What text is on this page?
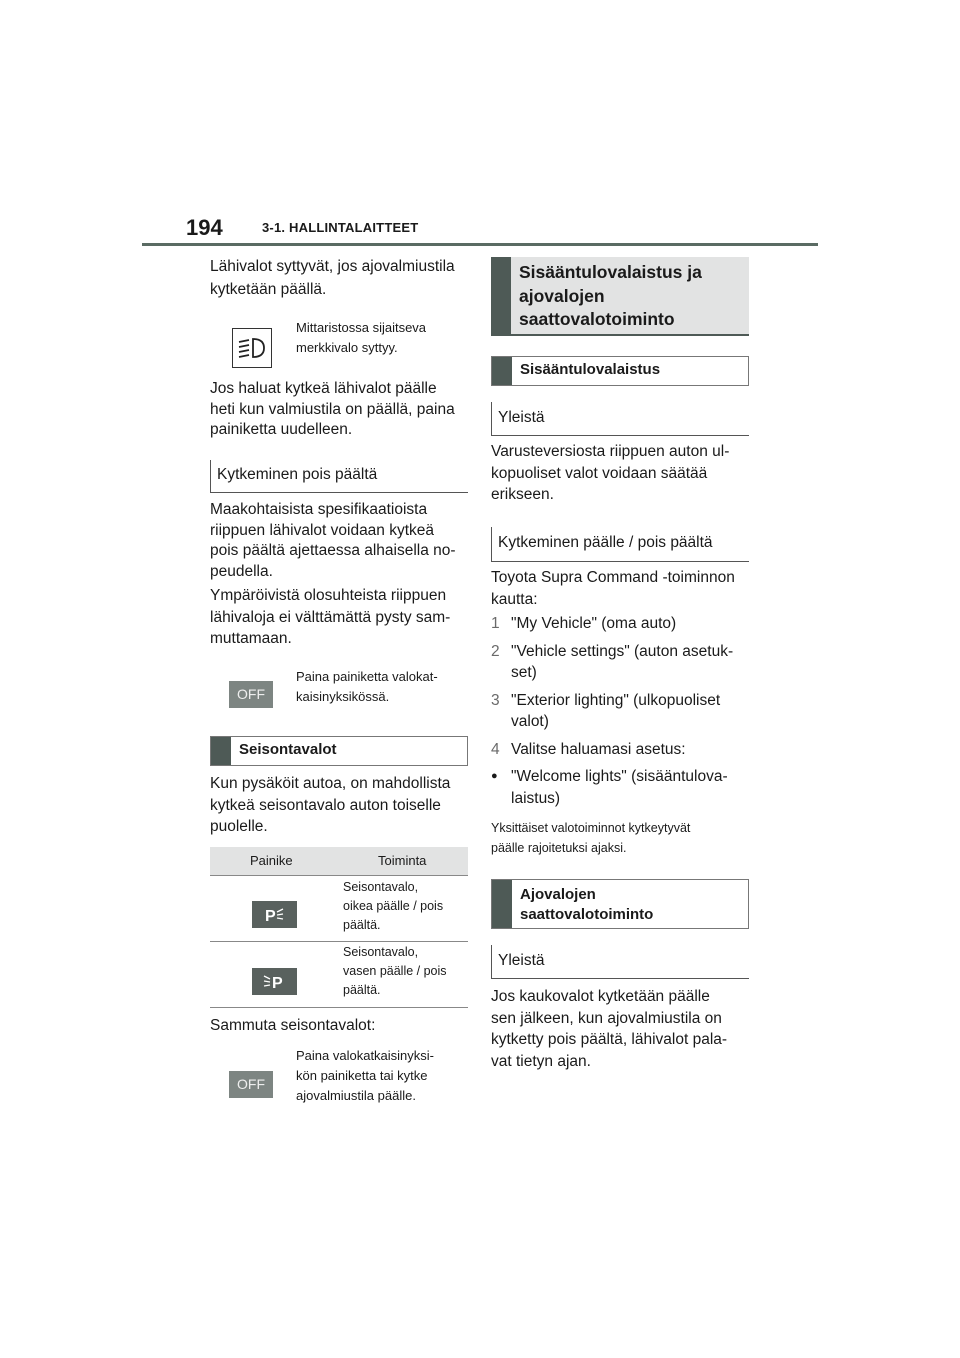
194	3-1. HALLINTALAITTEET
Lähivalot syttyvät, jos ajovalmiustila
kytketään päällä.
Mittaristossa sijaitseva
merkkivalo syttyy.
Jos haluat kytkeä lähivalot päälle
heti kun valmiustila on päällä, paina
painiketta uudelleen.
Kytkeminen pois päältä
Maakohtaisista spesifikaatioista
riippuen lähivalot voidaan kytkeä
pois päältä ajettaessa alhaisella no-
peudella.
Ympäröivistä olosuhteista riippuen
lähivaloja ei välttämättä pysty sam-
muttamaan.
OFF
Paina painiketta valokat-
kaisinyksikössä.
Seisontavalot
Kun pysäköit autoa, on mahdollista
kytkeä seisontavalo auton toiselle
puolelle.
Painike	Toiminta
P
Seisontavalo,
oikea päälle / pois
päältä.
P
Seisontavalo,
vasen päälle / pois
päältä.
Sammuta seisontavalot:
OFF
Paina valokatkaisinyksi-
kön painiketta tai kytke
ajovalmiustila päälle.
Sisääntulovalaistus ja
ajovalojen
saattovalotoiminto
Sisääntulovalaistus
Yleistä
Varusteversiosta riippuen auton ul-
kopuoliset valot voidaan säätää
erikseen.
Kytkeminen päälle / pois päältä
Toyota Supra Command -toiminnon
kautta:
1 "My Vehicle" (oma auto)
2 "Vehicle settings" (auton asetuk-
set)
3 "Exterior lighting" (ulkopuoliset
valot)
4 Valitse haluamasi asetus:
● "Welcome lights" (sisääntulova-
laistus)
Yksittäiset valotoiminnot kytkeytyvät
päälle rajoitetuksi ajaksi.
Ajovalojen
saattovalotoiminto
Yleistä
Jos kaukovalot kytketään päälle
sen jälkeen, kun ajovalmiustila on
kytketty pois päältä, lähivalot pala-
vat tietyn ajan.
